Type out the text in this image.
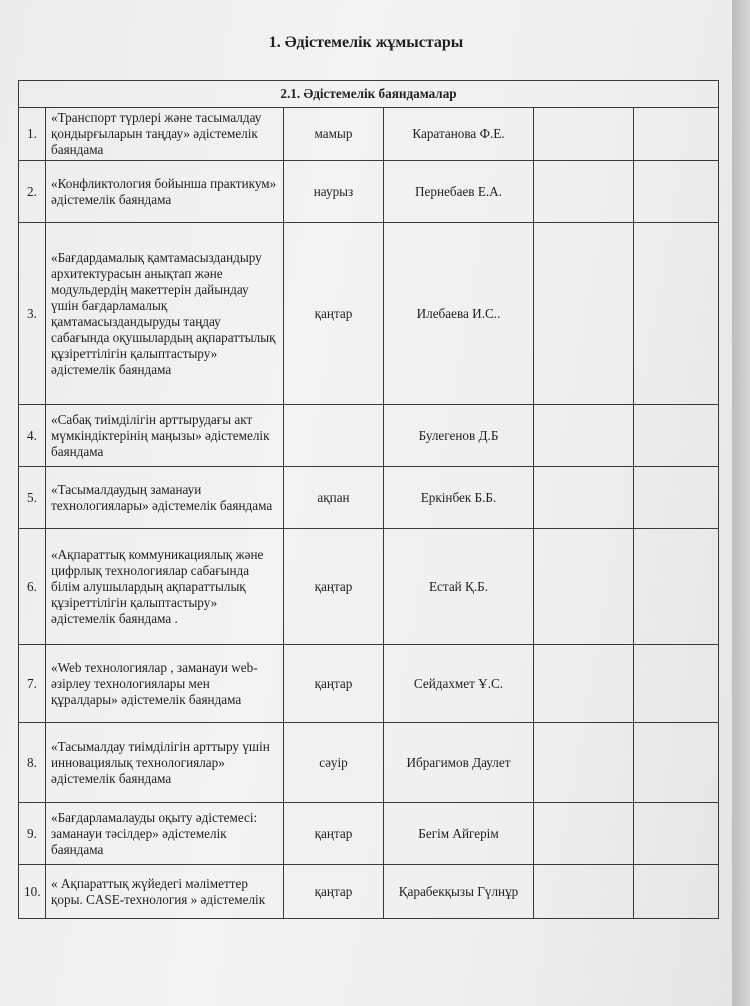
1. Әдістемелік жұмыстары
2.1. Әдістемелік баяндамалар					
1.	«Транспорт түрлері және тасымалдау қондырғыларын таңдау» әдістемелік баяндама	мамыр	Каратанова Ф.Е.		
2.	«Конфликтология бойынша практикум» әдістемелік баяндама	наурыз	Пернебаев Е.А.		
3.	«Бағдардамалық қамтамасыздандыру архитектурасын анықтап және модульдердің макеттерін дайындау үшін бағдарламалық қамтамасыздандыруды таңдау сабағында оқушылардың ақпараттылық құзіреттілігін қалыптастыру» әдістемелік баяндама	қаңтар	Илебаева И.С..		
4.	«Сабақ тиімділігін арттырудағы акт мүмкіндіктерінің маңызы» әдістемелік баяндама		Булегенов Д.Б		
5.	«Тасымалдаудың заманауи технологиялары» әдістемелік баяндама	ақпан	Еркінбек Б.Б.		
6.	«Ақпараттық коммуникациялық және цифрлық технологиялар сабағында білім алушылардың ақпараттылық құзіреттілігін қалыптастыру» әдістемелік баяндама .	қаңтар	Естай Қ.Б.		
7.	«Web технологиялар , заманауи web-әзірлеу технологиялары мен құралдары» әдістемелік баяндама	қаңтар	Сейдахмет Ұ.С.		
8.	«Тасымалдау тиімділігін арттыру үшін инновациялық технологиялар» әдістемелік баяндама	сәуір	Ибрагимов Даулет		
9.	«Бағдарламалауды оқыту әдістемесі: заманауи тәсілдер» әдістемелік баяндама	қаңтар	Бегім Айгерім		
10.	« Ақпараттық жүйедегі мәліметтер қоры. CASE-технология » әдістемелік	қаңтар	Қарабекқызы Гүлнұр		
